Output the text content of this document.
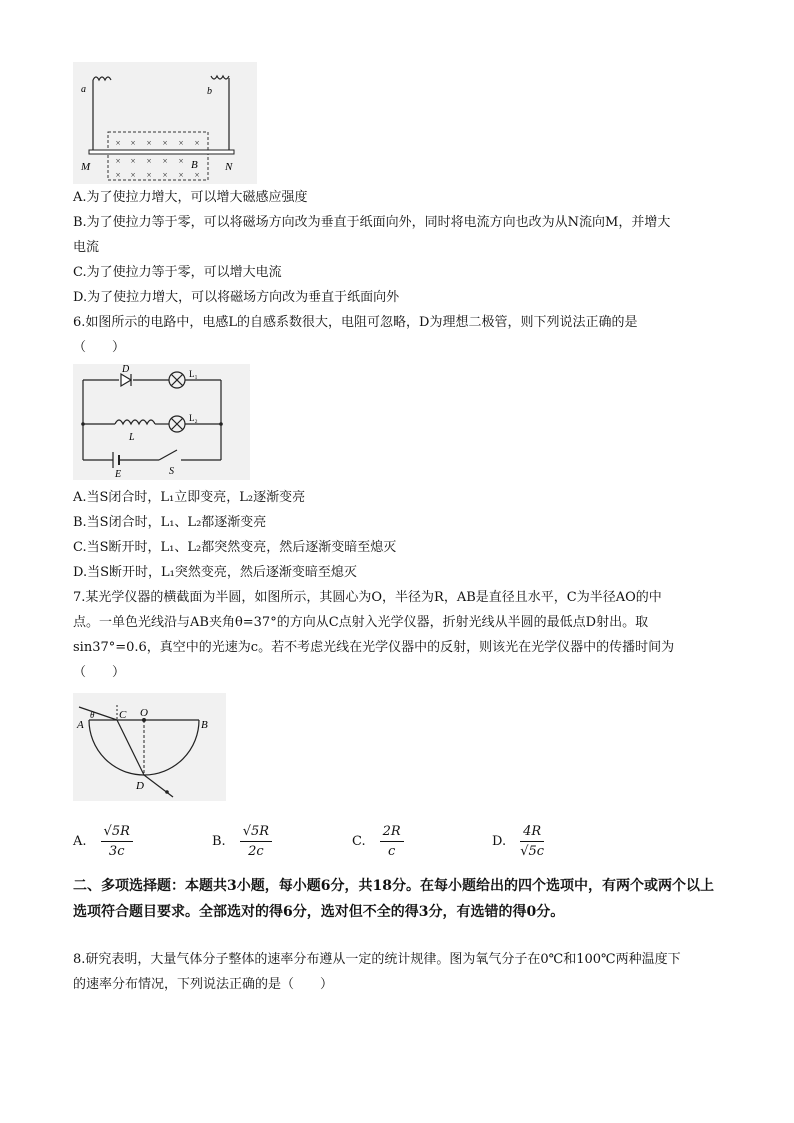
× × × × × ×
× × × × ×
× × × × × ×
a	b
M	N
B
A.为了使拉力增大，可以增大磁感应强度
B.为了使拉力等于零，可以将磁场方向改为垂直于纸面向外，同时将电流方向也改为从N流向M，并增大
电流
C.为了使拉力等于零，可以增大电流
D.为了使拉力增大，可以将磁场方向改为垂直于纸面向外
6.如图所示的电路中，电感L的自感系数很大，电阻可忽略，D为理想二极管，则下列说法正确的是
（　　）
D	L₁
L₂
L
E	S
A.当S闭合时，L₁立即变亮，L₂逐渐变亮
B.当S闭合时，L₁、L₂都逐渐变亮
C.当S断开时，L₁、L₂都突然变亮，然后逐渐变暗至熄灭
D.当S断开时，L₁突然变亮，然后逐渐变暗至熄灭
7.某光学仪器的横截面为半圆，如图所示，其圆心为O，半径为R，AB是直径且水平，C为半径AO的中
点。一单色光线沿与AB夹角θ=37°的方向从C点射入光学仪器，折射光线从半圆的最低点D射出。取
sin37°=0.6，真空中的光速为c。若不考虑光线在光学仪器中的反射，则该光在光学仪器中的传播时间为
（　　）
θ
A	B
C O
D
A. $\frac{√5R}{3c}$	B. $\frac{√5R}{2c}$	C. $\frac{2R}{c}$	D. $\frac{4R}{√5c}$
二、多项选择题：本题共3小题，每小题6分，共18分。在每小题给出的四个选项中，有两个或两个以上选项符合题目要求。全部选对的得6分，选对但不全的得3分，有选错的得0分。
8.研究表明，大量气体分子整体的速率分布遵从一定的统计规律。图为氧气分子在0℃和100℃两种温度下
的速率分布情况，下列说法正确的是（　　）
